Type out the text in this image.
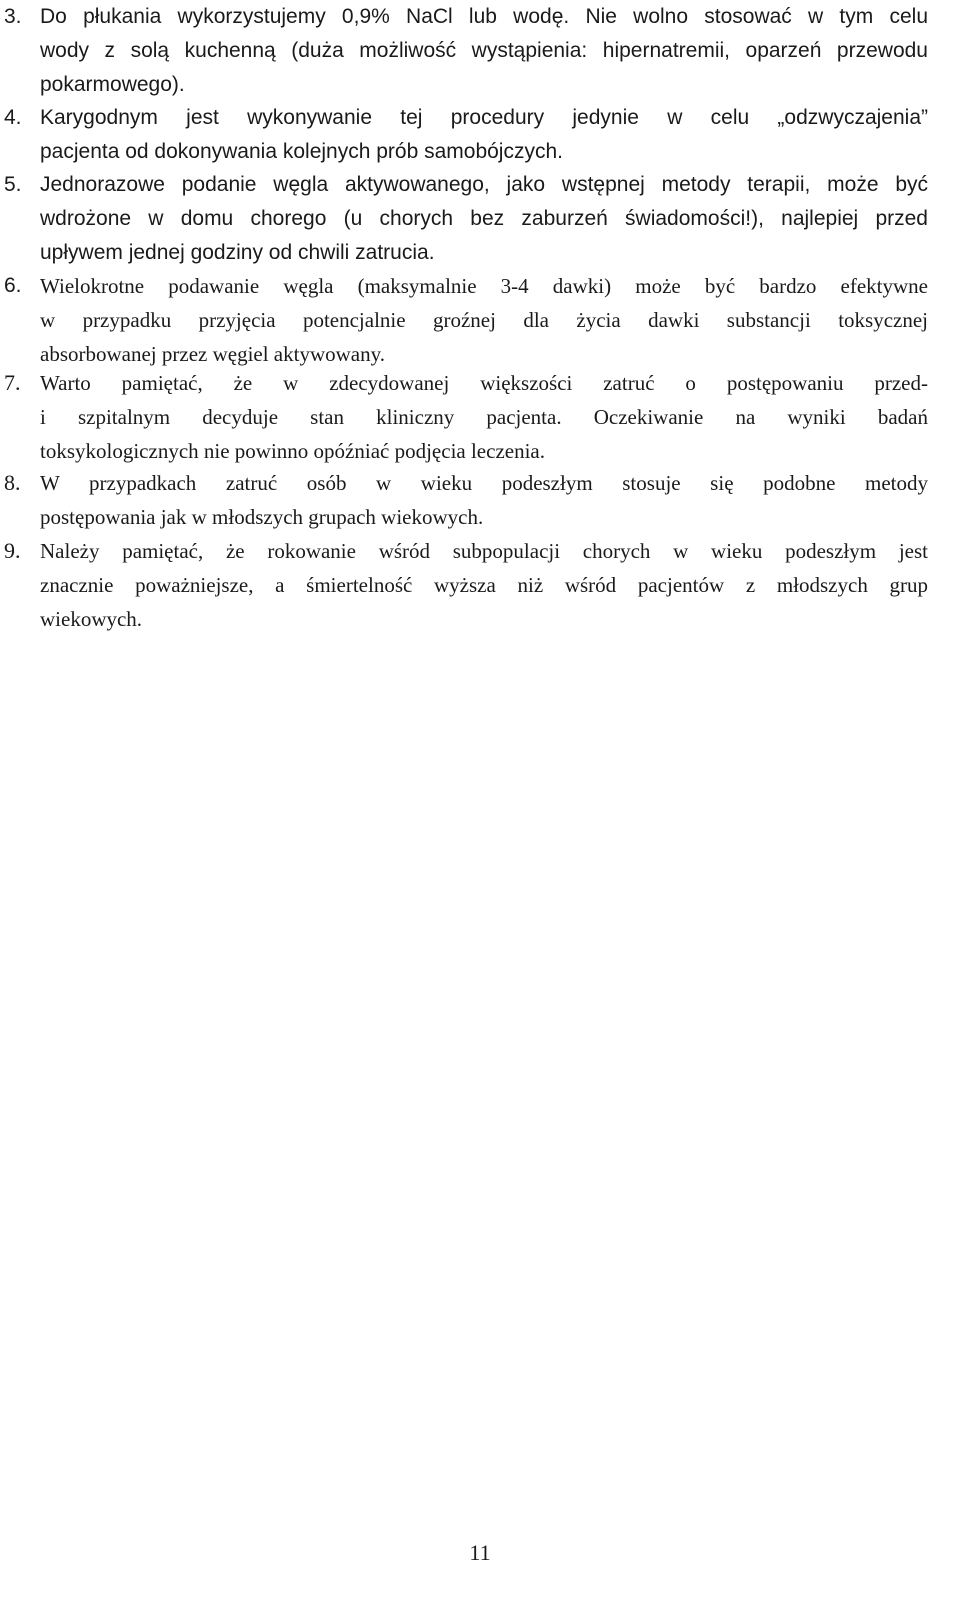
3. Do płukania wykorzystujemy 0,9% NaCl lub wodę. Nie wolno stosować w tym celu
wody z solą kuchenną (duża możliwość wystąpienia: hipernatremii, oparzeń przewodu
pokarmowego).
4. Karygodnym jest wykonywanie tej procedury jedynie w celu „odzwyczajenia”
pacjenta od dokonywania kolejnych prób samobójczych.
5. Jednorazowe podanie węgla aktywowanego, jako wstępnej metody terapii, może być
wdrożone w domu chorego (u chorych bez zaburzeń świadomości!), najlepiej przed
upływem jednej godziny od chwili zatrucia.
6. Wielokrotne podawanie węgla (maksymalnie 3-4 dawki) może być bardzo efektywne
w przypadku przyjęcia potencjalnie groźnej dla życia dawki substancji toksycznej
absorbowanej przez węgiel aktywowany.
7. Warto pamiętać, że w zdecydowanej większości zatruć o postępowaniu przed-
i szpitalnym decyduje stan kliniczny pacjenta. Oczekiwanie na wyniki badań
toksykologicznych nie powinno opóźniać podjęcia leczenia.
8. W przypadkach zatruć osób w wieku podeszłym stosuje się podobne metody
postępowania jak w młodszych grupach wiekowych.
9. Należy pamiętać, że rokowanie wśród subpopulacji chorych w wieku podeszłym jest
znacznie poważniejsze, a śmiertelność wyższa niż wśród pacjentów z młodszych grup
wiekowych.
11
